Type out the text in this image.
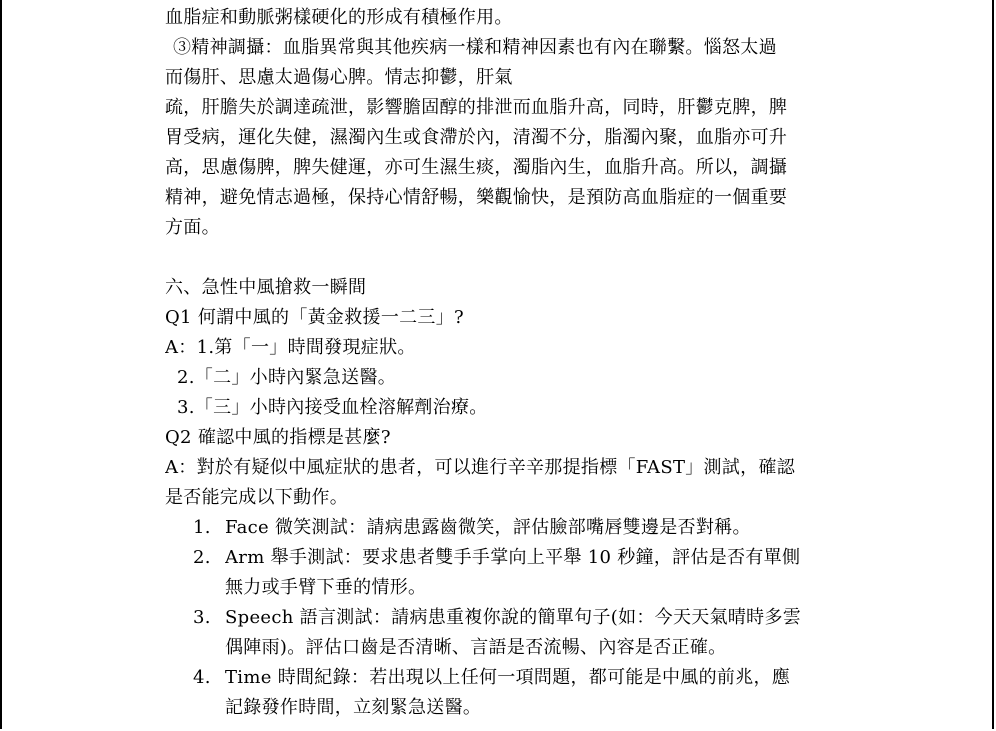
血脂症和動脈粥樣硬化的形成有積極作用。
③精神調攝：血脂異常與其他疾病一樣和精神因素也有內在聯繫。惱怒太過
而傷肝、思慮太過傷心脾。情志抑鬱，肝氣
疏，肝膽失於調達疏泄，影響膽固醇的排泄而血脂升高，同時，肝鬱克脾，脾
胃受病，運化失健，濕濁內生或食滯於內，清濁不分，脂濁內聚，血脂亦可升
高，思慮傷脾，脾失健運，亦可生濕生痰，濁脂內生，血脂升高。所以，調攝
精神，避免情志過極，保持心情舒暢，樂觀愉快，是預防高血脂症的一個重要
方面。
六、急性中風搶救一瞬間
Q1 何謂中風的「黃金救援一二三」?
A：1.第「一」時間發現症狀。
2.「二」小時內緊急送醫。
3.「三」小時內接受血栓溶解劑治療。
Q2 確認中風的指標是甚麼?
A：對於有疑似中風症狀的患者，可以進行辛辛那提指標「FAST」測試，確認
是否能完成以下動作。
1. Face 微笑測試：請病患露齒微笑，評估臉部嘴唇雙邊是否對稱。
2. Arm 舉手測試：要求患者雙手手掌向上平舉 10 秒鐘，評估是否有單側
無力或手臂下垂的情形。
3. Speech 語言測試：請病患重複你說的簡單句子(如：今天天氣晴時多雲
偶陣雨)。評估口齒是否清晰、言語是否流暢、內容是否正確。
4. Time 時間紀錄：若出現以上任何一項問題，都可能是中風的前兆，應
記錄發作時間，立刻緊急送醫。
